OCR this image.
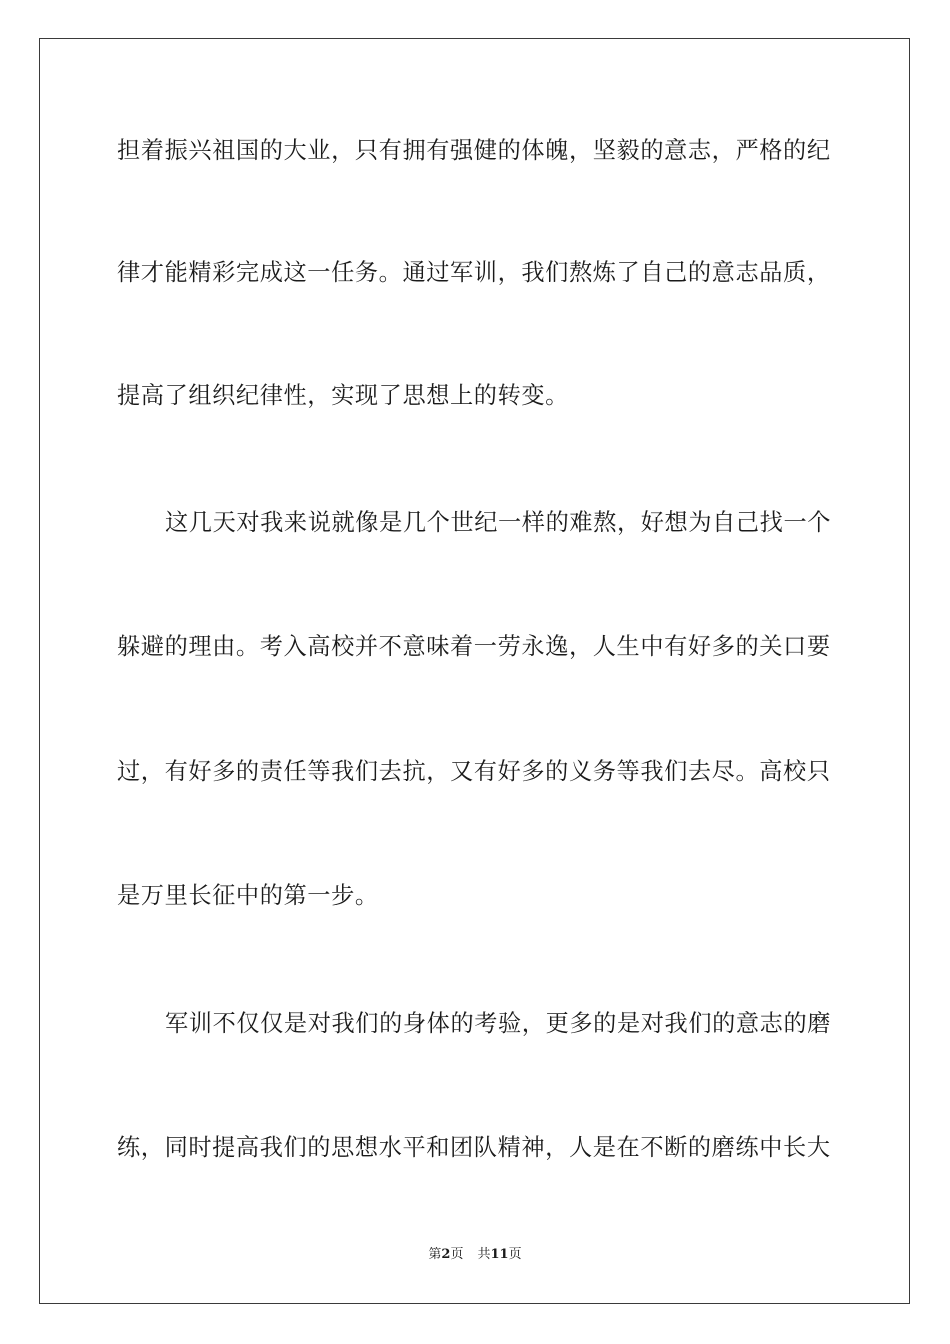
担着振兴祖国的大业，只有拥有强健的体魄，坚毅的意志，严格的纪
律才能精彩完成这一任务。通过军训，我们熬炼了自己的意志品质，
提高了组织纪律性，实现了思想上的转变。
这几天对我来说就像是几个世纪一样的难熬，好想为自己找一个
躲避的理由。考入高校并不意味着一劳永逸，人生中有好多的关口要
过，有好多的责任等我们去抗，又有好多的义务等我们去尽。高校只
是万里长征中的第一步。
军训不仅仅是对我们的身体的考验，更多的是对我们的意志的磨
练，同时提高我们的思想水平和团队精神，人是在不断的磨练中长大
第2页 共11页
